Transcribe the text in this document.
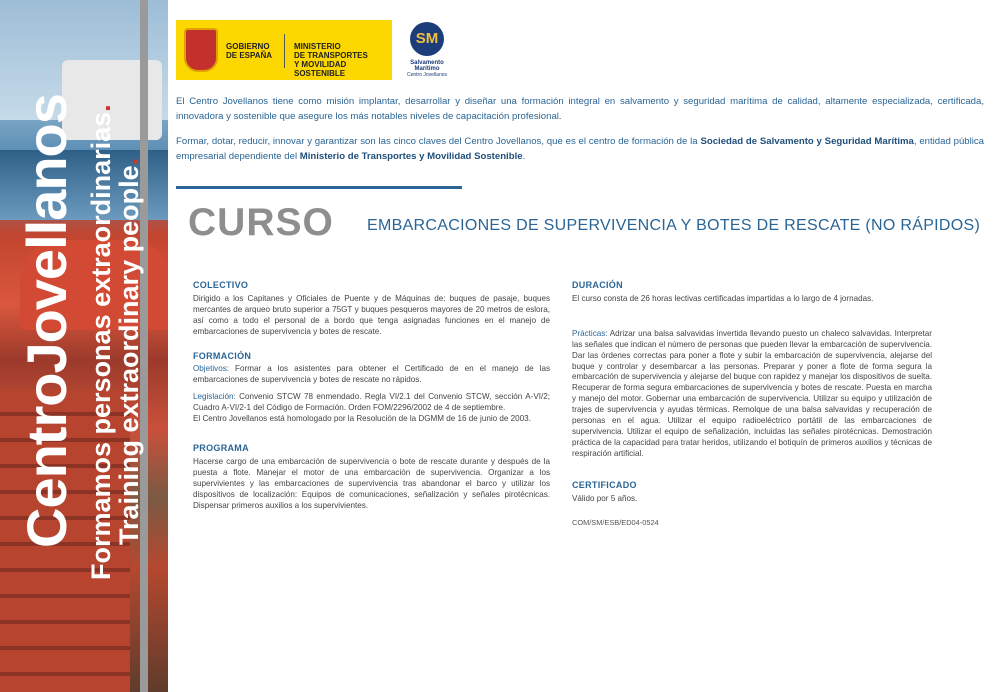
CentroJovellanos Formamos personas extraordinarias.
Training extraordinary people.
GOBIERNO
DE ESPAÑA
MINISTERIO
DE TRANSPORTES
Y MOVILIDAD SOSTENIBLE
SM
Salvamento Marítimo
Centro Jovellanos

El Centro Jovellanos tiene como misión implantar, desarrollar y diseñar una formación integral en salvamento y seguridad marítima de calidad, altamente especializada, certificada, innovadora y sostenible que asegure los más notables niveles de capacitación profesional.

Formar, dotar, reducir, innovar y garantizar son las cinco claves del Centro Jovellanos, que es el centro de formación de la Sociedad de Salvamento y Seguridad Marítima, entidad pública empresarial dependiente del Ministerio de Transportes y Movilidad Sostenible.

CURSO EMBARCACIONES DE SUPERVIVENCIA Y BOTES DE RESCATE (NO RÁPIDOS)
COLECTIVO

Dirigido a los Capitanes y Oficiales de Puente y de Máquinas de: buques de pasaje, buques mercantes de arqueo bruto superior a 75GT y buques pesqueros mayores de 20 metros de eslora, así como a todo el personal de a bordo que tenga asignadas funciones en el manejo de embarcaciones de supervivencia y botes de rescate.

FORMACIÓN

Objetivos: Formar a los asistentes para obtener el Certificado de en el manejo de las embarcaciones de supervivencia y botes de rescate no rápidos.

Legislación: Convenio STCW 78 enmendado. Regla VI/2.1 del Convenio STCW, sección A-VI/2; Cuadro A-VI/2-1 del Código de Formación. Orden FOM/2296/2002 de 4 de septiembre.

El Centro Jovellanos está homologado por la Resolución de la DGMM de 16 de junio de 2003.

PROGRAMA

Hacerse cargo de una embarcación de supervivencia o bote de rescate durante y después de la puesta a flote. Manejar el motor de una embarcación de supervivencia. Organizar a los supervivientes y las embarcaciones de supervivencia tras abandonar el barco y utilizar los dispositivos de localización: Equipos de comunicaciones, señalización y señales pirotécnicas. Dispensar primeros auxilios a los supervivientes.

DURACIÓN

El curso consta de 26 horas lectivas certificadas impartidas a lo largo de 4 jornadas.

Prácticas: Adrizar una balsa salvavidas invertida llevando puesto un chaleco salvavidas. Interpretar las señales que indican el número de personas que pueden llevar la embarcación de supervivencia. Dar las órdenes correctas para poner a flote y subir la embarcación de supervivencia, alejarse del buque y controlar y desembarcar a las personas. Preparar y poner a flote de forma segura la embarcación de supervivencia y alejarse del buque con rapidez y manejar los dispositivos de suelta. Recuperar de forma segura embarcaciones de supervivencia y botes de rescate. Puesta en marcha y manejo del motor. Gobernar una embarcación de supervivencia. Utilizar su equipo y utilización de trajes de supervivencia y ayudas térmicas. Remolque de una balsa salvavidas y recuperación de personas en el agua. Utilizar el equipo radioeléctrico portátil de las embarcaciones de supervivencia. Utilizar el equipo de señalización, incluidas las señales pirotécnicas. Demostración práctica de la capacidad para tratar heridos, utilizando el botiquín de primeros auxilios y técnicas de respiración artificial.

CERTIFICADO

Válido por 5 años.

COM/SM/ESB/ED04-0524
